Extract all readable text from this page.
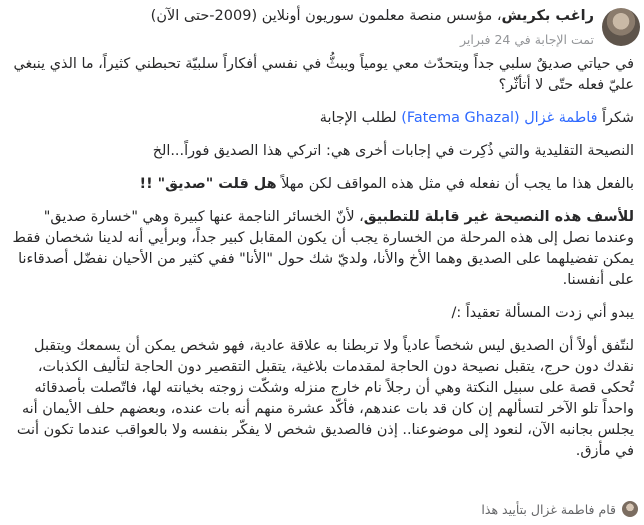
راغب بكريش، مؤسس منصة معلمون سوريون أونلاين (2009-حتى الآن)
تمت الإجابة في 24 فبراير

في حياتي صديقٌ سلبي جداً ويتحدّث معي يومياً ويبثُّ في نفسي أفكاراً سلبيّة تحبطني كثيراً، ما الذي ينبغي عليّ فعله حتّى لا أتأثّر؟

شكراً فاطمة غزال (Fatema Ghazal) لطلب الإجابة

النصيحة التقليدية والتي ذُكِرت في إجابات أخرى هي: اتركي هذا الصديق فوراً...الخ

بالفعل هذا ما يجب أن نفعله في مثل هذه المواقف لكن مهلاً هل قلت "صديق" !!

للأسف هذه النصيحة غير قابلة للتطبيق، لأنّ الخسائر الناجمة عنها كبيرة وهي "خسارة صديق" وعندما نصل إلى هذه المرحلة من الخسارة يجب أن يكون المقابل كبير جداً، وبرأيي أنه لدينا شخصان فقط يمكن تفضيلهما على الصديق وهما الأخ والأنا، ولديّ شك حول "الأنا" ففي كثير من الأحيان نفضّل أصدقاءنا على أنفسنا.

يبدو أني زدت المسألة تعقيداً :/

لنتّفق أولاً أن الصديق ليس شخصاً عادياً ولا تربطنا به علاقة عادية، فهو شخص يمكن أن يسمعك ويتقبل نقدك دون حرج، يتقبل نصيحة دون الحاجة لمقدمات بلاغية، يتقبل التقصير دون الحاجة لتأليف الكذبات، تُحكى قصة على سبيل النكتة وهي أن رجلاً نام خارج منزله وشكّت زوجته بخيانته لها، فاتّصلت بأصدقائه واحداً تلو الآخر لتسألهم إن كان قد بات عندهم، فأكّد عشرة منهم أنه بات عنده، وبعضهم حلف الأيمان أنه يجلس بجانبه الآن، لنعود إلى موضوعنا.. إذن فالصديق شخص لا يفكّر بنفسه ولا بالعواقب عندما تكون أنت في مأزق.

قام فاطمة غزال بتأييد هذا
